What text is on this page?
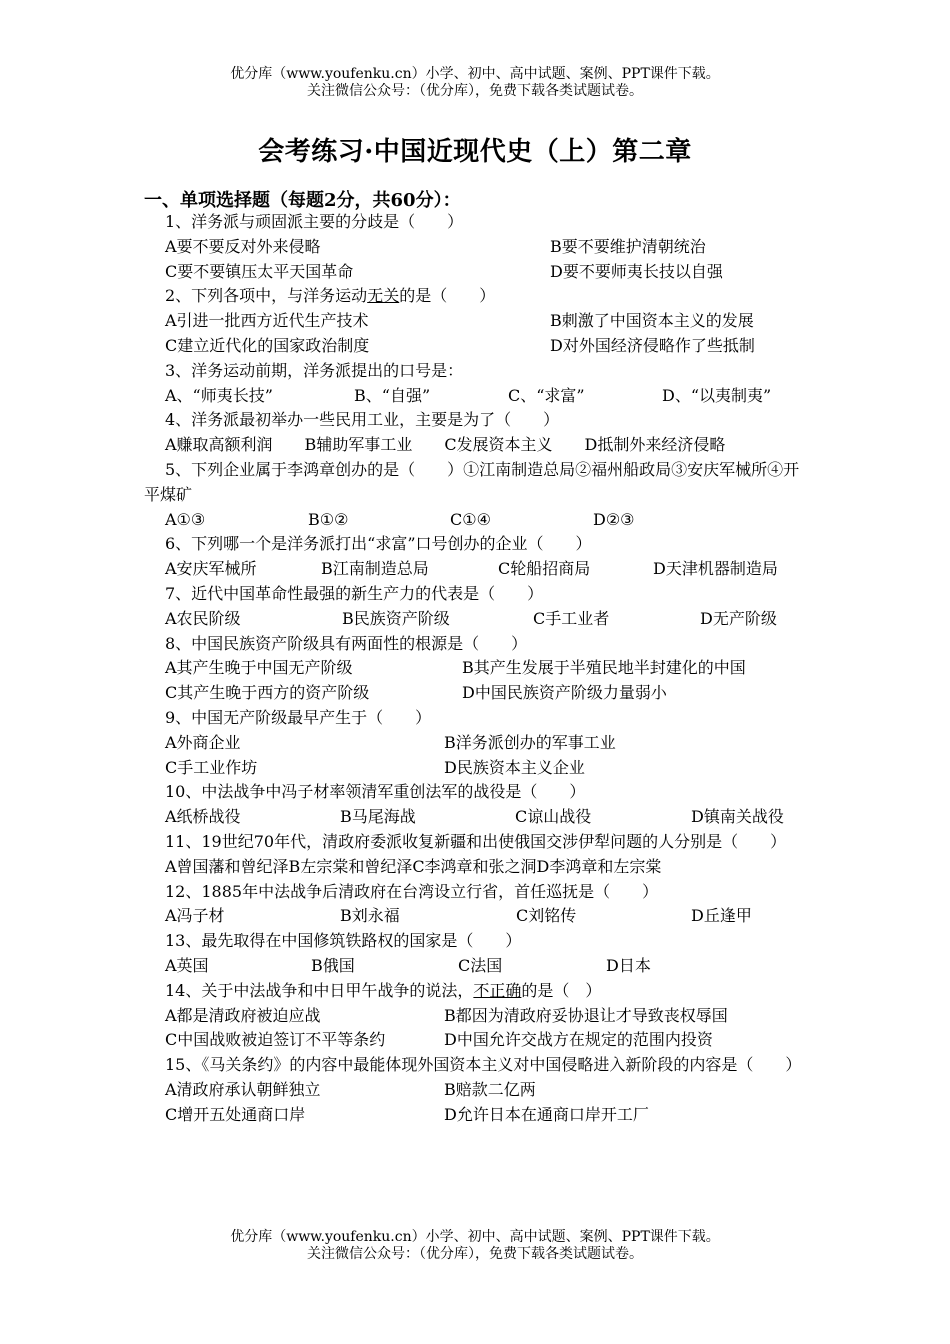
优分库（www.youfenku.cn）小学、初中、高中试题、案例、PPT课件下载。
关注微信公众号：（优分库），免费下载各类试题试卷。
会考练习·中国近现代史（上）第二章
一、单项选择题（每题2分，共60分）：
1、洋务派与顽固派主要的分歧是（　　）
A要不要反对外来侵略	B要不要维护清朝统治
C要不要镇压太平天国革命	D要不要师夷长技以自强
2、下列各项中，与洋务运动无关的是（　　）
A引进一批西方近代生产技术	B刺激了中国资本主义的发展
C建立近代化的国家政治制度	D对外国经济侵略作了些抵制
3、洋务运动前期，洋务派提出的口号是：
A、“师夷长技”	B、“自强”	C、“求富”	D、“以夷制夷”
4、洋务派最初举办一些民用工业，主要是为了（　　）
A赚取高额利润　　B辅助军事工业　　C发展资本主义　　D抵制外来经济侵略
5、下列企业属于李鸿章创办的是（　　）①江南制造总局②福州船政局③安庆军械所④开平煤矿
A①③	B①②	C①④	D②③
6、下列哪一个是洋务派打出“求富”口号创办的企业（　　）
A安庆军械所	B江南制造总局	C轮船招商局	D天津机器制造局
7、近代中国革命性最强的新生产力的代表是（　　）
A农民阶级	B民族资产阶级	C手工业者	D无产阶级
8、中国民族资产阶级具有两面性的根源是（　　）
A其产生晚于中国无产阶级	B其产生发展于半殖民地半封建化的中国
C其产生晚于西方的资产阶级	D中国民族资产阶级力量弱小
9、中国无产阶级最早产生于（　　）
A外商企业	B洋务派创办的军事工业
C手工业作坊	D民族资本主义企业
10、中法战争中冯子材率领清军重创法军的战役是（　　）
A纸桥战役	B马尾海战	C谅山战役	D镇南关战役
11、19世纪70年代，清政府委派收复新疆和出使俄国交涉伊犁问题的人分别是（　　）
A曾国藩和曾纪泽B左宗棠和曾纪泽C李鸿章和张之洞D李鸿章和左宗棠
12、1885年中法战争后清政府在台湾设立行省，首任巡抚是（　　）
A冯子材	B刘永福	C刘铭传	D丘逢甲
13、最先取得在中国修筑铁路权的国家是（　　）
A英国	B俄国	C法国	D日本
14、关于中法战争和中日甲午战争的说法，不正确的是（　）
A都是清政府被迫应战	B都因为清政府妥协退让才导致丧权辱国
C中国战败被迫签订不平等条约	D中国允许交战方在规定的范围内投资
15、《马关条约》的内容中最能体现外国资本主义对中国侵略进入新阶段的内容是（　　）
A清政府承认朝鲜独立	B赔款二亿两
C增开五处通商口岸	D允许日本在通商口岸开工厂
优分库（www.youfenku.cn）小学、初中、高中试题、案例、PPT课件下载。
关注微信公众号：（优分库），免费下载各类试题试卷。
